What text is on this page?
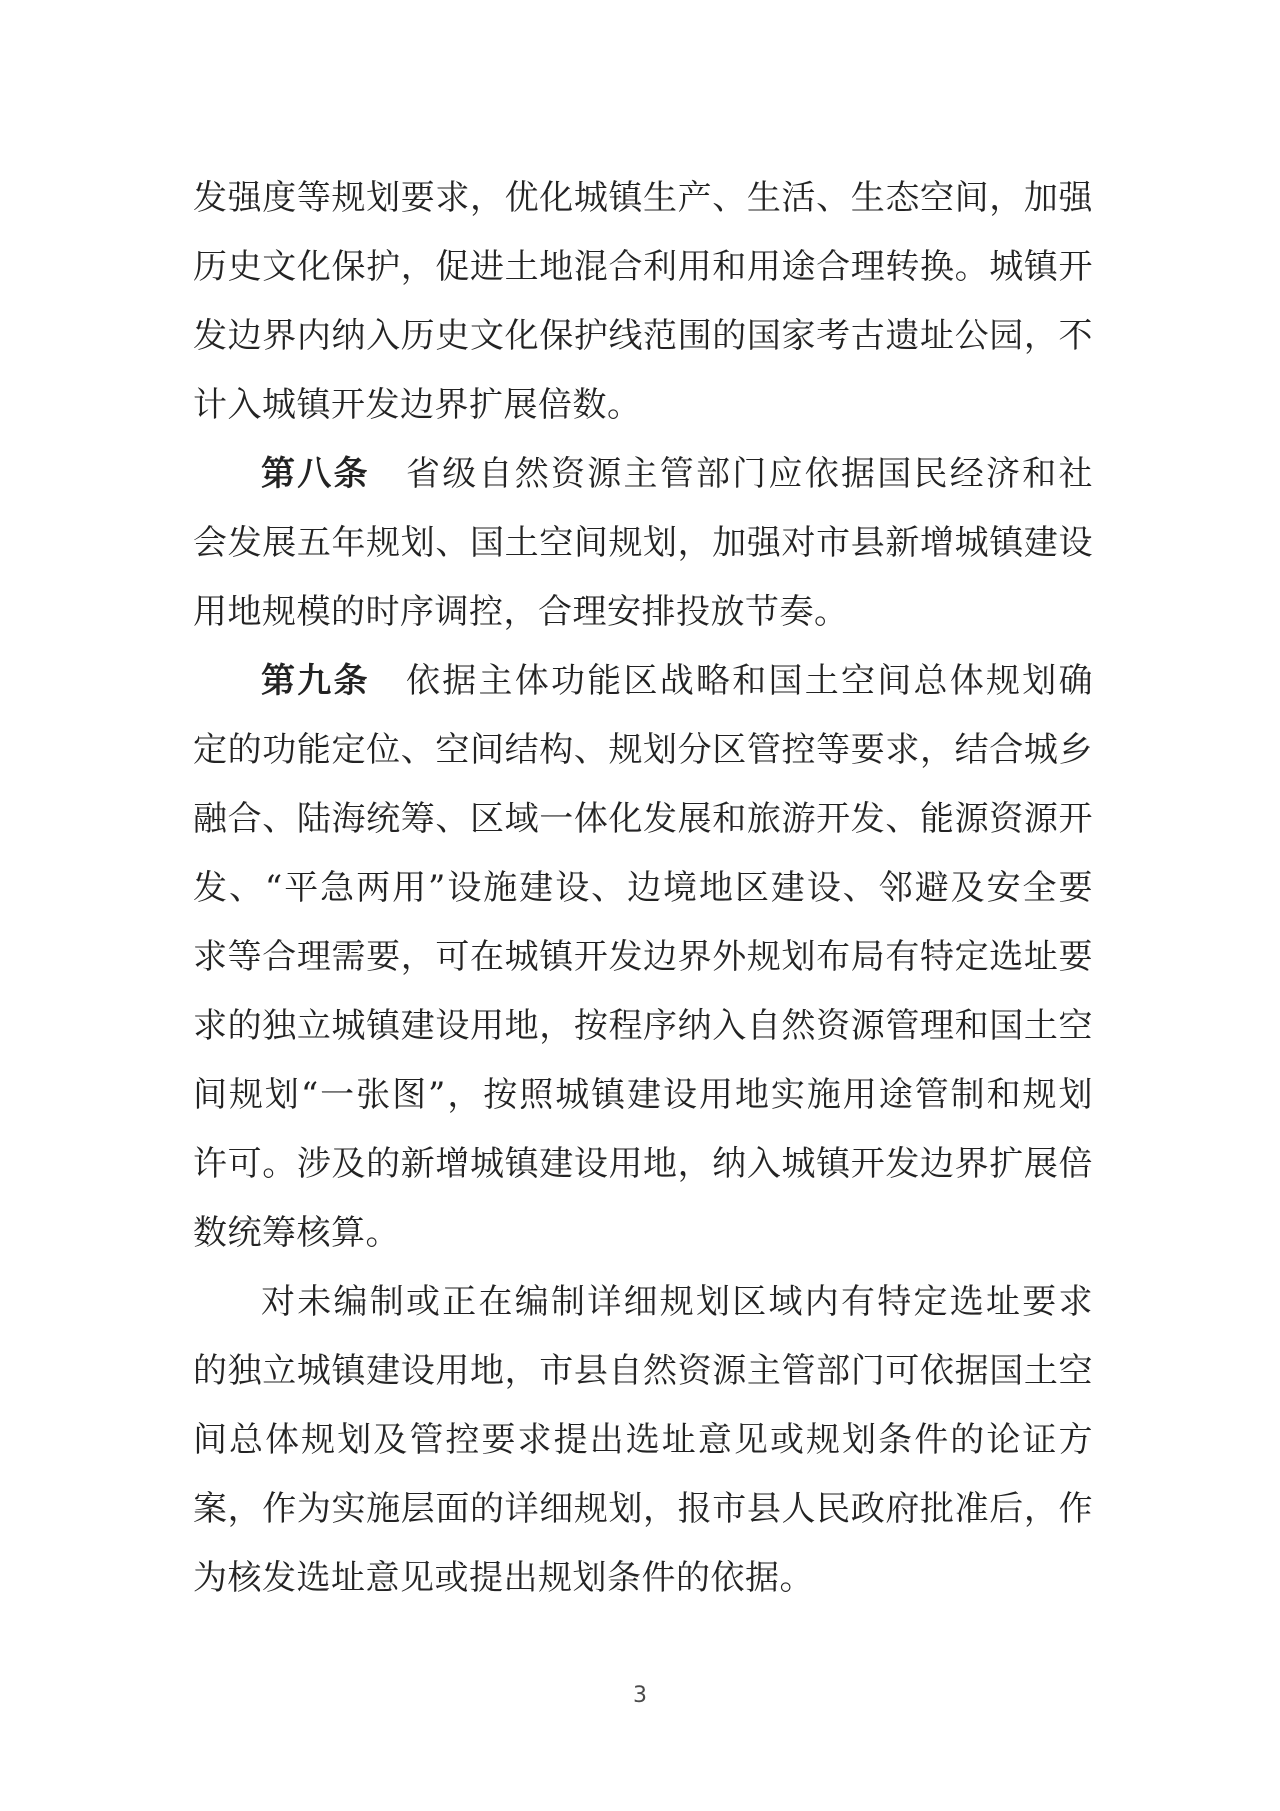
发强度等规划要求，优化城镇生产、生活、生态空间，加强
历史文化保护，促进土地混合利用和用途合理转换。城镇开
发边界内纳入历史文化保护线范围的国家考古遗址公园，不
计入城镇开发边界扩展倍数。
第八条　省级自然资源主管部门应依据国民经济和社
会发展五年规划、国土空间规划，加强对市县新增城镇建设
用地规模的时序调控，合理安排投放节奏。
第九条　依据主体功能区战略和国土空间总体规划确
定的功能定位、空间结构、规划分区管控等要求，结合城乡
融合、陆海统筹、区域一体化发展和旅游开发、能源资源开
发、“平急两用”设施建设、边境地区建设、邻避及安全要
求等合理需要，可在城镇开发边界外规划布局有特定选址要
求的独立城镇建设用地，按程序纳入自然资源管理和国土空
间规划“一张图”，按照城镇建设用地实施用途管制和规划
许可。涉及的新增城镇建设用地，纳入城镇开发边界扩展倍
数统筹核算。
对未编制或正在编制详细规划区域内有特定选址要求
的独立城镇建设用地，市县自然资源主管部门可依据国土空
间总体规划及管控要求提出选址意见或规划条件的论证方
案，作为实施层面的详细规划，报市县人民政府批准后，作
为核发选址意见或提出规划条件的依据。
3
